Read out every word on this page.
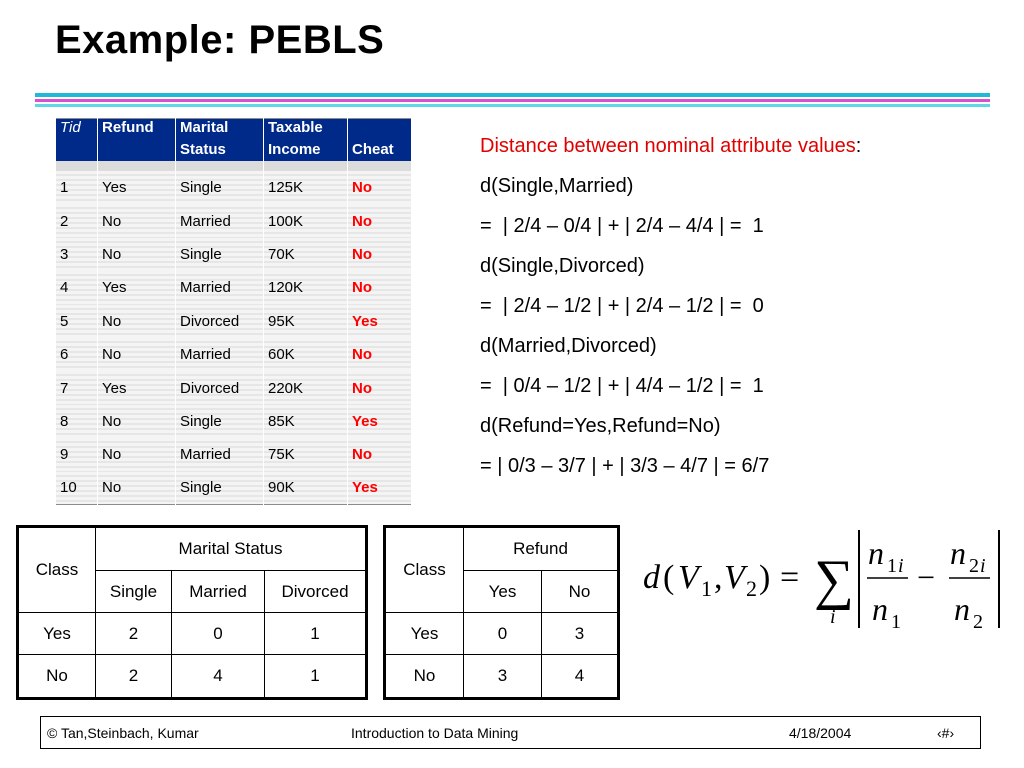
Example: PEBLS
Tid	Refund	Marital	Taxable	
		Status	Income	Cheat

1	Yes	Single	125K	No
2	No	Married	100K	No
3	No	Single	70K	No
4	Yes	Married	120K	No
5	No	Divorced	95K	Yes
6	No	Married	60K	No
7	Yes	Divorced	220K	No
8	No	Single	85K	Yes
9	No	Married	75K	No
10	No	Single	90K	Yes
Distance between nominal attribute values:
d(Single,Married)
=  | 2/4 – 0/4 | + | 2/4 – 4/4 | =  1
d(Single,Divorced)
=  | 2/4 – 1/2 | + | 2/4 – 1/2 | =  0
d(Married,Divorced)
=  | 0/4 – 1/2 | + | 4/4 – 1/2 | =  1
d(Refund=Yes,Refund=No)
= | 0/3 – 3/7 | + | 3/3 – 4/7 | = 6/7
Class	Marital Status		
	Single	Married	Divorced
Yes	2	0	1
No	2	4	1
Class	Refund	
	Yes	No
Yes	0	3
No	3	4
d ( V 1 , V 2 ) = ∑
i
n 1 i
n 1
−
n 2 i
n 2
© Tan,Steinbach, Kumar	Introduction to Data Mining	4/18/2004	‹#›
